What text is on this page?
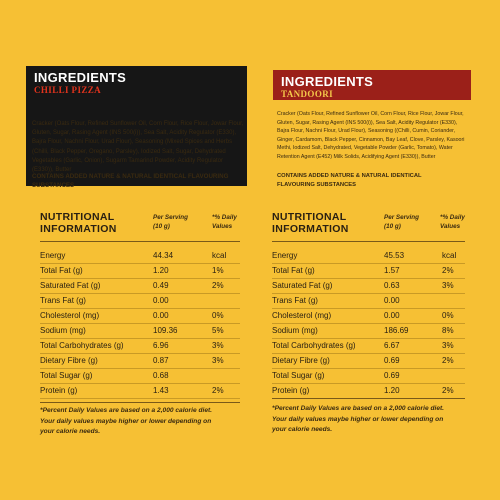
INGREDIENTS
CHILLI PIZZA
Cracker (Oats Flour, Refined Sunflower Oil, Corn Flour, Rice Flour, Jowar Flour, Gluten, Sugar, Rasing Agent (INS 500(i)), Sea Salt, Acidity Regulator (E330), Bajra Flour, Nachni Flour, Urad Flour), Seasoning (Mixed Spices and Herbs (Chilli, Black Pepper, Oregano, Parsley), Iodized Salt, Sugar, Dehydrated Vegetables (Garlic, Onion), Sugarm Tamarind Powder, Acidity Regulator (E330)), Butter
CONTAINS ADDED NATURE & NATURAL IDENTICAL FLAVOURING SUBSTANCES
INGREDIENTS
TANDOORI
Cracker (Oats Flour, Refined Sunflower Oil, Corn Flour, Rice Flour, Jowar Flour, Gluten, Sugar, Rasing Agent (INS 500(i)), Sea Salt, Acidity Regulator (E330), Bajra Flour, Nachni Flour, Urad Flour), Seasoning ((Chilli, Cumin, Coriander, Ginger, Cardamom, Black Pepper, Cinnamon, Bay Leaf, Clove, Parsley, Kasoori Methi, Iodized Salt, Dehydrated, Vegetable Powder (Garlic, Tomato), Water Retention Agent (E452) Milk Solids, Acidifying Agent (E330)), Butter
CONTAINS ADDED NATURE & NATURAL IDENTICAL FLAVOURING SUBSTANCES
NUTRITIONAL
INFORMATION
Per Serving
(10 g)
*% Daily
Values
Energy	44.34	kcal
Total Fat (g)	1.20	1%
Saturated Fat (g)	0.49	2%
Trans Fat (g)	0.00
Cholesterol (mg)	0.00	0%
Sodium (mg)	109.36	5%
Total Carbohydrates (g)	6.96	3%
Dietary Fibre (g)	0.87	3%
Total Sugar (g)	0.68
Protein (g)	1.43	2%
*Percent Daily Values are based on a 2,000 calorie diet.
Your daily values maybe higher or lower depending on
your calorie needs.
NUTRITIONAL
INFORMATION
Per Serving
(10 g)
*% Daily
Values
Energy	45.53	kcal
Total Fat (g)	1.57	2%
Saturated Fat (g)	0.63	3%
Trans Fat (g)	0.00
Cholesterol (mg)	0.00	0%
Sodium (mg)	186.69	8%
Total Carbohydrates (g)	6.67	3%
Dietary Fibre (g)	0.69	2%
Total Sugar (g)	0.69
Protein (g)	1.20	2%
*Percent Daily Values are based on a 2,000 calorie diet.
Your daily values maybe higher or lower depending on
your calorie needs.
